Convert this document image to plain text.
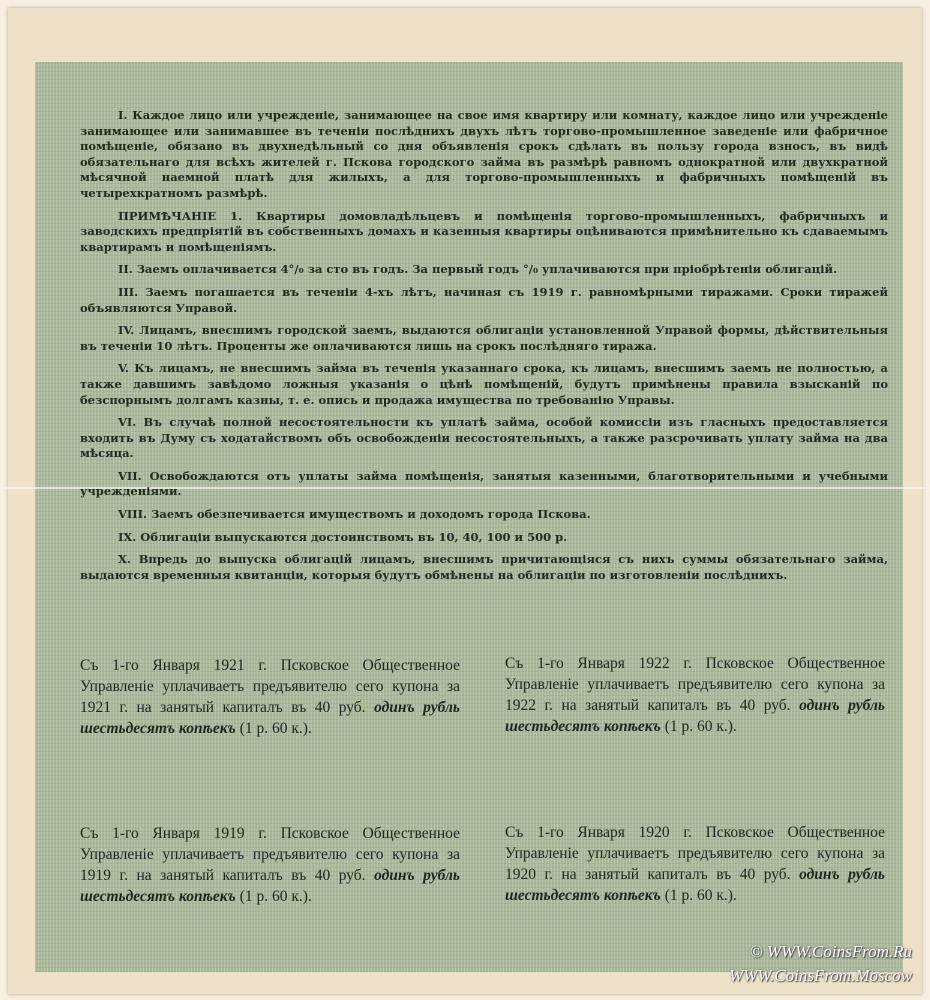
I. Каждое лицо или учрежденіе, занимающее на свое имя квартиру или комнату, каждое лицо или учрежденіе занимающее или занимавшее въ теченіи послѣднихъ двухъ лѣтъ торгово-промышленное заведеніе или фабричное помѣщеніе, обязано въ двухнедѣльный со дня объявленія срокъ сдѣлать въ пользу города взносъ, въ видѣ обязательнаго для всѣхъ жителей г. Пскова городского займа въ размѣрѣ равномъ однократной или двухкратной мѣсячной наемной платѣ для жилыхъ, а для торгово-промышленныхъ и фабричныхъ помѣщеній въ четырехкратномъ размѣрѣ.

ПРИМѢЧАНІЕ 1. Квартиры домовладѣльцевъ и помѣщенія торгово-промышленныхъ, фабричныхъ и заводскихъ предпріятій въ собственныхъ домахъ и казенныя квартиры оцѣниваются примѣнительно къ сдаваемымъ квартирамъ и помѣщеніямъ.

II. Заемъ оплачивается 4°/₀ за сто въ годъ. За первый годъ °/₀ уплачиваются при пріобрѣтеніи облигацій.

III. Заемъ погашается въ теченіи 4-хъ лѣтъ, начиная съ 1919 г. равномѣрными тиражами. Сроки тиражей объявляются Управой.

IV. Лицамъ, внесшимъ городской заемъ, выдаются облигаціи установленной Управой формы, дѣйствительныя въ теченіи 10 лѣтъ. Проценты же оплачиваются лишь на срокъ послѣдняго тиража.

V. Къ лицамъ, не внесшимъ займа въ теченія указаннаго срока, къ лицамъ, внесшимъ заемъ не полностью, а также давшимъ завѣдомо ложныя указанія о цѣнѣ помѣщеній, будутъ примѣнены правила взысканій по безспорнымъ долгамъ казны, т. е. опись и продажа имущества по требованію Управы.

VI. Въ случаѣ полной несостоятельности къ уплатѣ займа, особой комиссіи изъ гласныхъ предоставляется входить въ Думу съ ходатайствомъ объ освобожденіи несостоятельныхъ, а также разсрочивать уплату займа на два мѣсяца.

VII. Освобождаются отъ уплаты займа помѣщенія, занятыя казенными, благотворительными и учебными учрежденіями.

VIII. Заемъ обезпечивается имуществомъ и доходомъ города Пскова.

IX. Облигаціи выпускаются достоинствомъ въ 10, 40, 100 и 500 р.

X. Впредь до выпуска облигацій лицамъ, внесшимъ причитающіяся съ нихъ суммы обязательнаго займа, выдаются временныя квитанціи, которыя будутъ обмѣнены на облигаціи по изготовленіи послѣднихъ.

Съ 1-го Января 1921 г. Псковское Общественное Управленіе уплачиваетъ предъявителю сего купона за 1921 г. на занятый капиталъ въ 40 руб. одинъ рубль шестьдесятъ копѣекъ (1 р. 60 к.).
Съ 1-го Января 1922 г. Псковское Общественное Управленіе уплачиваетъ предъявителю сего купона за 1922 г. на занятый капиталъ въ 40 руб. одинъ рубль шестьдесятъ копѣекъ (1 р. 60 к.).
Съ 1-го Января 1919 г. Псковское Общественное Управленіе уплачиваетъ предъявителю сего купона за 1919 г. на занятый капиталъ въ 40 руб. одинъ рубль шестьдесятъ копѣекъ (1 р. 60 к.).
Съ 1-го Января 1920 г. Псковское Общественное Управленіе уплачиваетъ предъявителю сего купона за 1920 г. на занятый капиталъ въ 40 руб. одинъ рубль шестьдесятъ копѣекъ (1 р. 60 к.).
© WWW.CoinsFrom.Ru
WWW.CoinsFrom.Moscow
